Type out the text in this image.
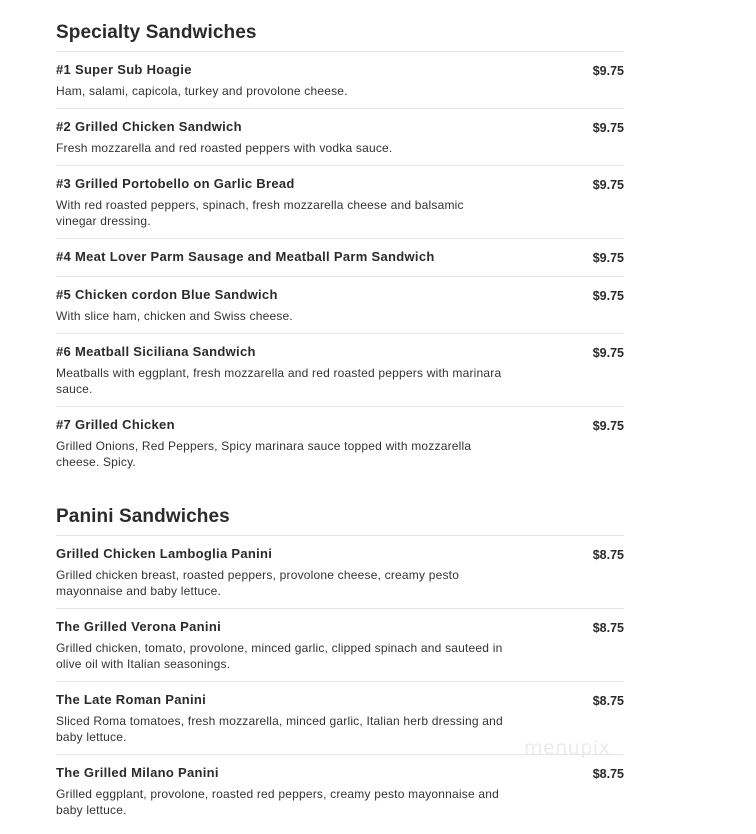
Specialty Sandwiches
#1 Super Sub Hoagie	$9.75
Ham, salami, capicola, turkey and provolone cheese.
#2 Grilled Chicken Sandwich	$9.75
Fresh mozzarella and red roasted peppers with vodka sauce.
#3 Grilled Portobello on Garlic Bread	$9.75
With red roasted peppers, spinach, fresh mozzarella cheese and balsamic vinegar dressing.
#4 Meat Lover Parm Sausage and Meatball Parm Sandwich	$9.75
#5 Chicken cordon Blue Sandwich	$9.75
With slice ham, chicken and Swiss cheese.
#6 Meatball Siciliana Sandwich	$9.75
Meatballs with eggplant, fresh mozzarella and red roasted peppers with marinara sauce.
#7 Grilled Chicken	$9.75
Grilled Onions, Red Peppers, Spicy marinara sauce topped with mozzarella cheese. Spicy.
Panini Sandwiches
Grilled Chicken Lamboglia Panini	$8.75
Grilled chicken breast, roasted peppers, provolone cheese, creamy pesto mayonnaise and baby lettuce.
The Grilled Verona Panini	$8.75
Grilled chicken, tomato, provolone, minced garlic, clipped spinach and sauteed in olive oil with Italian seasonings.
The Late Roman Panini	$8.75
Sliced Roma tomatoes, fresh mozzarella, minced garlic, Italian herb dressing and baby lettuce.
The Grilled Milano Panini	$8.75
Grilled eggplant, provolone, roasted red peppers, creamy pesto mayonnaise and baby lettuce.
menupix
